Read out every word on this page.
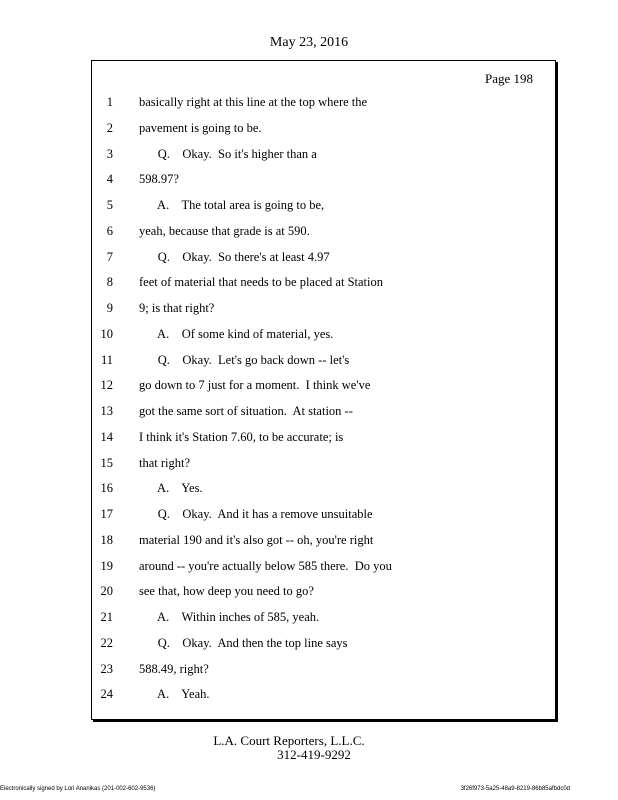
May 23, 2016
Page 198
1 basically right at this line at the top where the
2 pavement is going to be.
3 Q.    Okay.  So it's higher than a
4 598.97?
5 A.    The total area is going to be,
6 yeah, because that grade is at 590.
7 Q.    Okay.  So there's at least 4.97
8 feet of material that needs to be placed at Station
9 9; is that right?
10 A.    Of some kind of material, yes.
11 Q.    Okay.  Let's go back down -- let's
12 go down to 7 just for a moment.  I think we've
13 got the same sort of situation.  At station --
14 I think it's Station 7.60, to be accurate; is
15 that right?
16 A.    Yes.
17 Q.    Okay.  And it has a remove unsuitable
18 material 190 and it's also got -- oh, you're right
19 around -- you're actually below 585 there.  Do you
20 see that, how deep you need to go?
21 A.    Within inches of 585, yeah.
22 Q.    Okay.  And then the top line says
23 588.49, right?
24 A.    Yeah.
L.A. Court Reporters, L.L.C.
312-419-9292
Electronically signed by Lori Ananikas (201-002-602-9536)	3f26f973-5a25-48a9-8219-86b85afbdc0d
